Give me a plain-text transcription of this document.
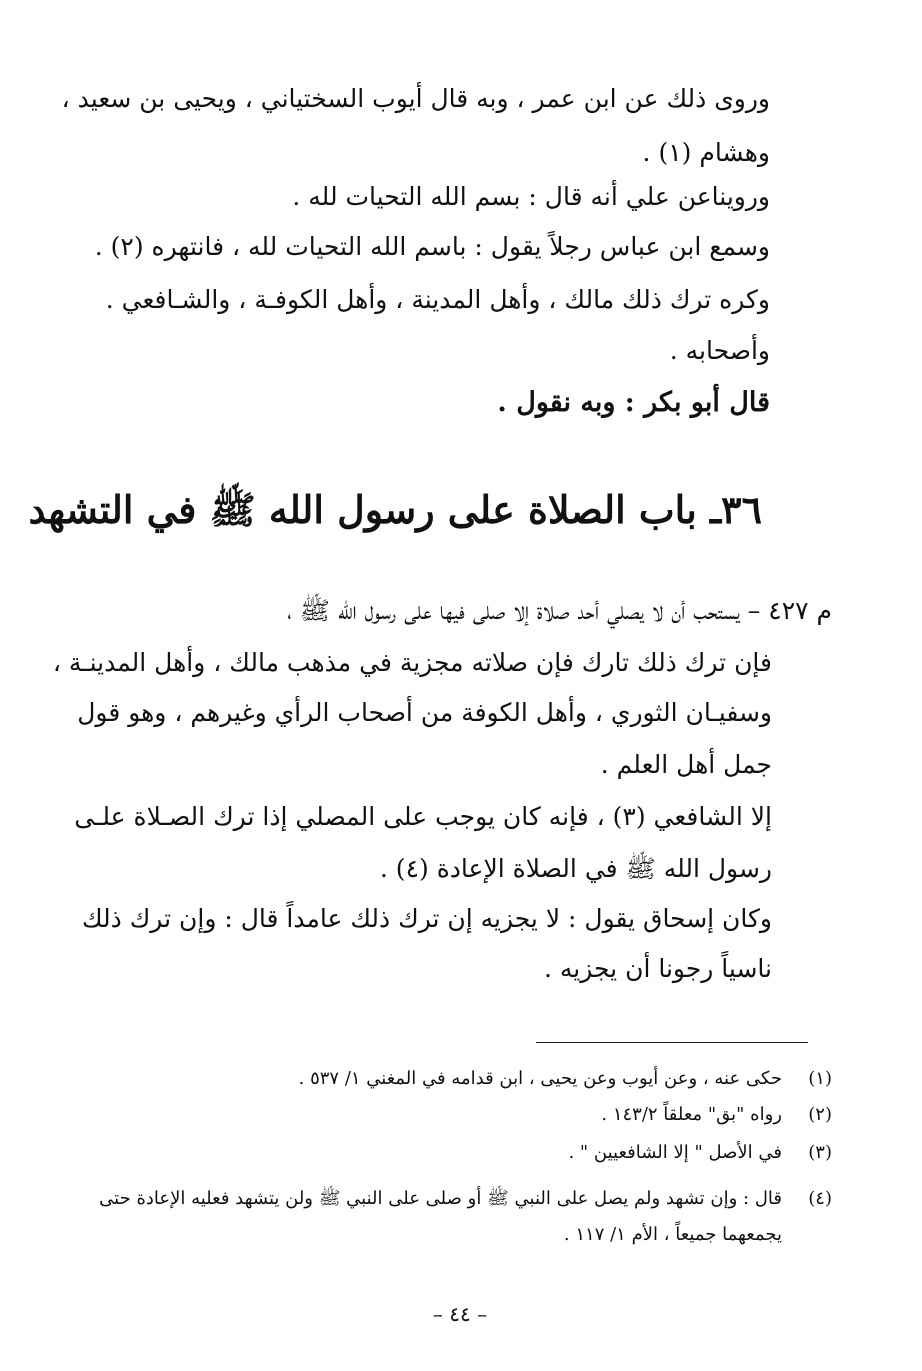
وروى ذلك عن ابن عمر ، وبه قال أيوب السختياني ، ويحيى بن سعيد ،
وهشام (١) .
ورويناعن علي أنه قال : بسم الله التحيات لله .
وسمع ابن عباس رجلاً يقول : باسم الله التحيات لله ، فانتهره (٢) .
وكره ترك ذلك مالك ، وأهل المدينة ، وأهل الكوفـة ، والشـافعي .
وأصحابه .
قال أبو بكر : وبه نقول .
٣٦ـ باب الصلاة على رسول الله ﷺ في التشهد
م ٤٢٧ – يستحب أن لا يصلي أحد صلاة إلا صلى فيها على رسول الله ﷺ ،
فإن ترك ذلك تارك فإن صلاته مجزية في مذهب مالك ، وأهل المدينـة ،
وسفيـان الثوري ، وأهل الكوفة من أصحاب الرأي وغيرهم ، وهو قول
جمل أهل العلم .
إلا الشافعي (٣) ، فإنه كان يوجب على المصلي إذا ترك الصـلاة علـى
رسول الله ﷺ في الصلاة الإعادة (٤) .
وكان إسحاق يقول : لا يجزيه إن ترك ذلك عامداً قال : وإن ترك ذلك
ناسياً رجونا أن يجزيه .
(١)
حكى عنه ، وعن أيوب وعن يحيى ، ابن قدامه في المغني ١/ ٥٣٧ .
(٢)
رواه "بق" معلقاً ١٤٣/٢ .
(٣)
في الأصل " إلا الشافعيين " .
(٤)
قال : وإن تشهد ولم يصل على النبي ﷺ أو صلى على النبي ﷺ ولن يتشهد فعليه الإعادة حتى
يجمعهما جميعاً ، الأم ١/ ١١٧ .
– ٤٤ –
